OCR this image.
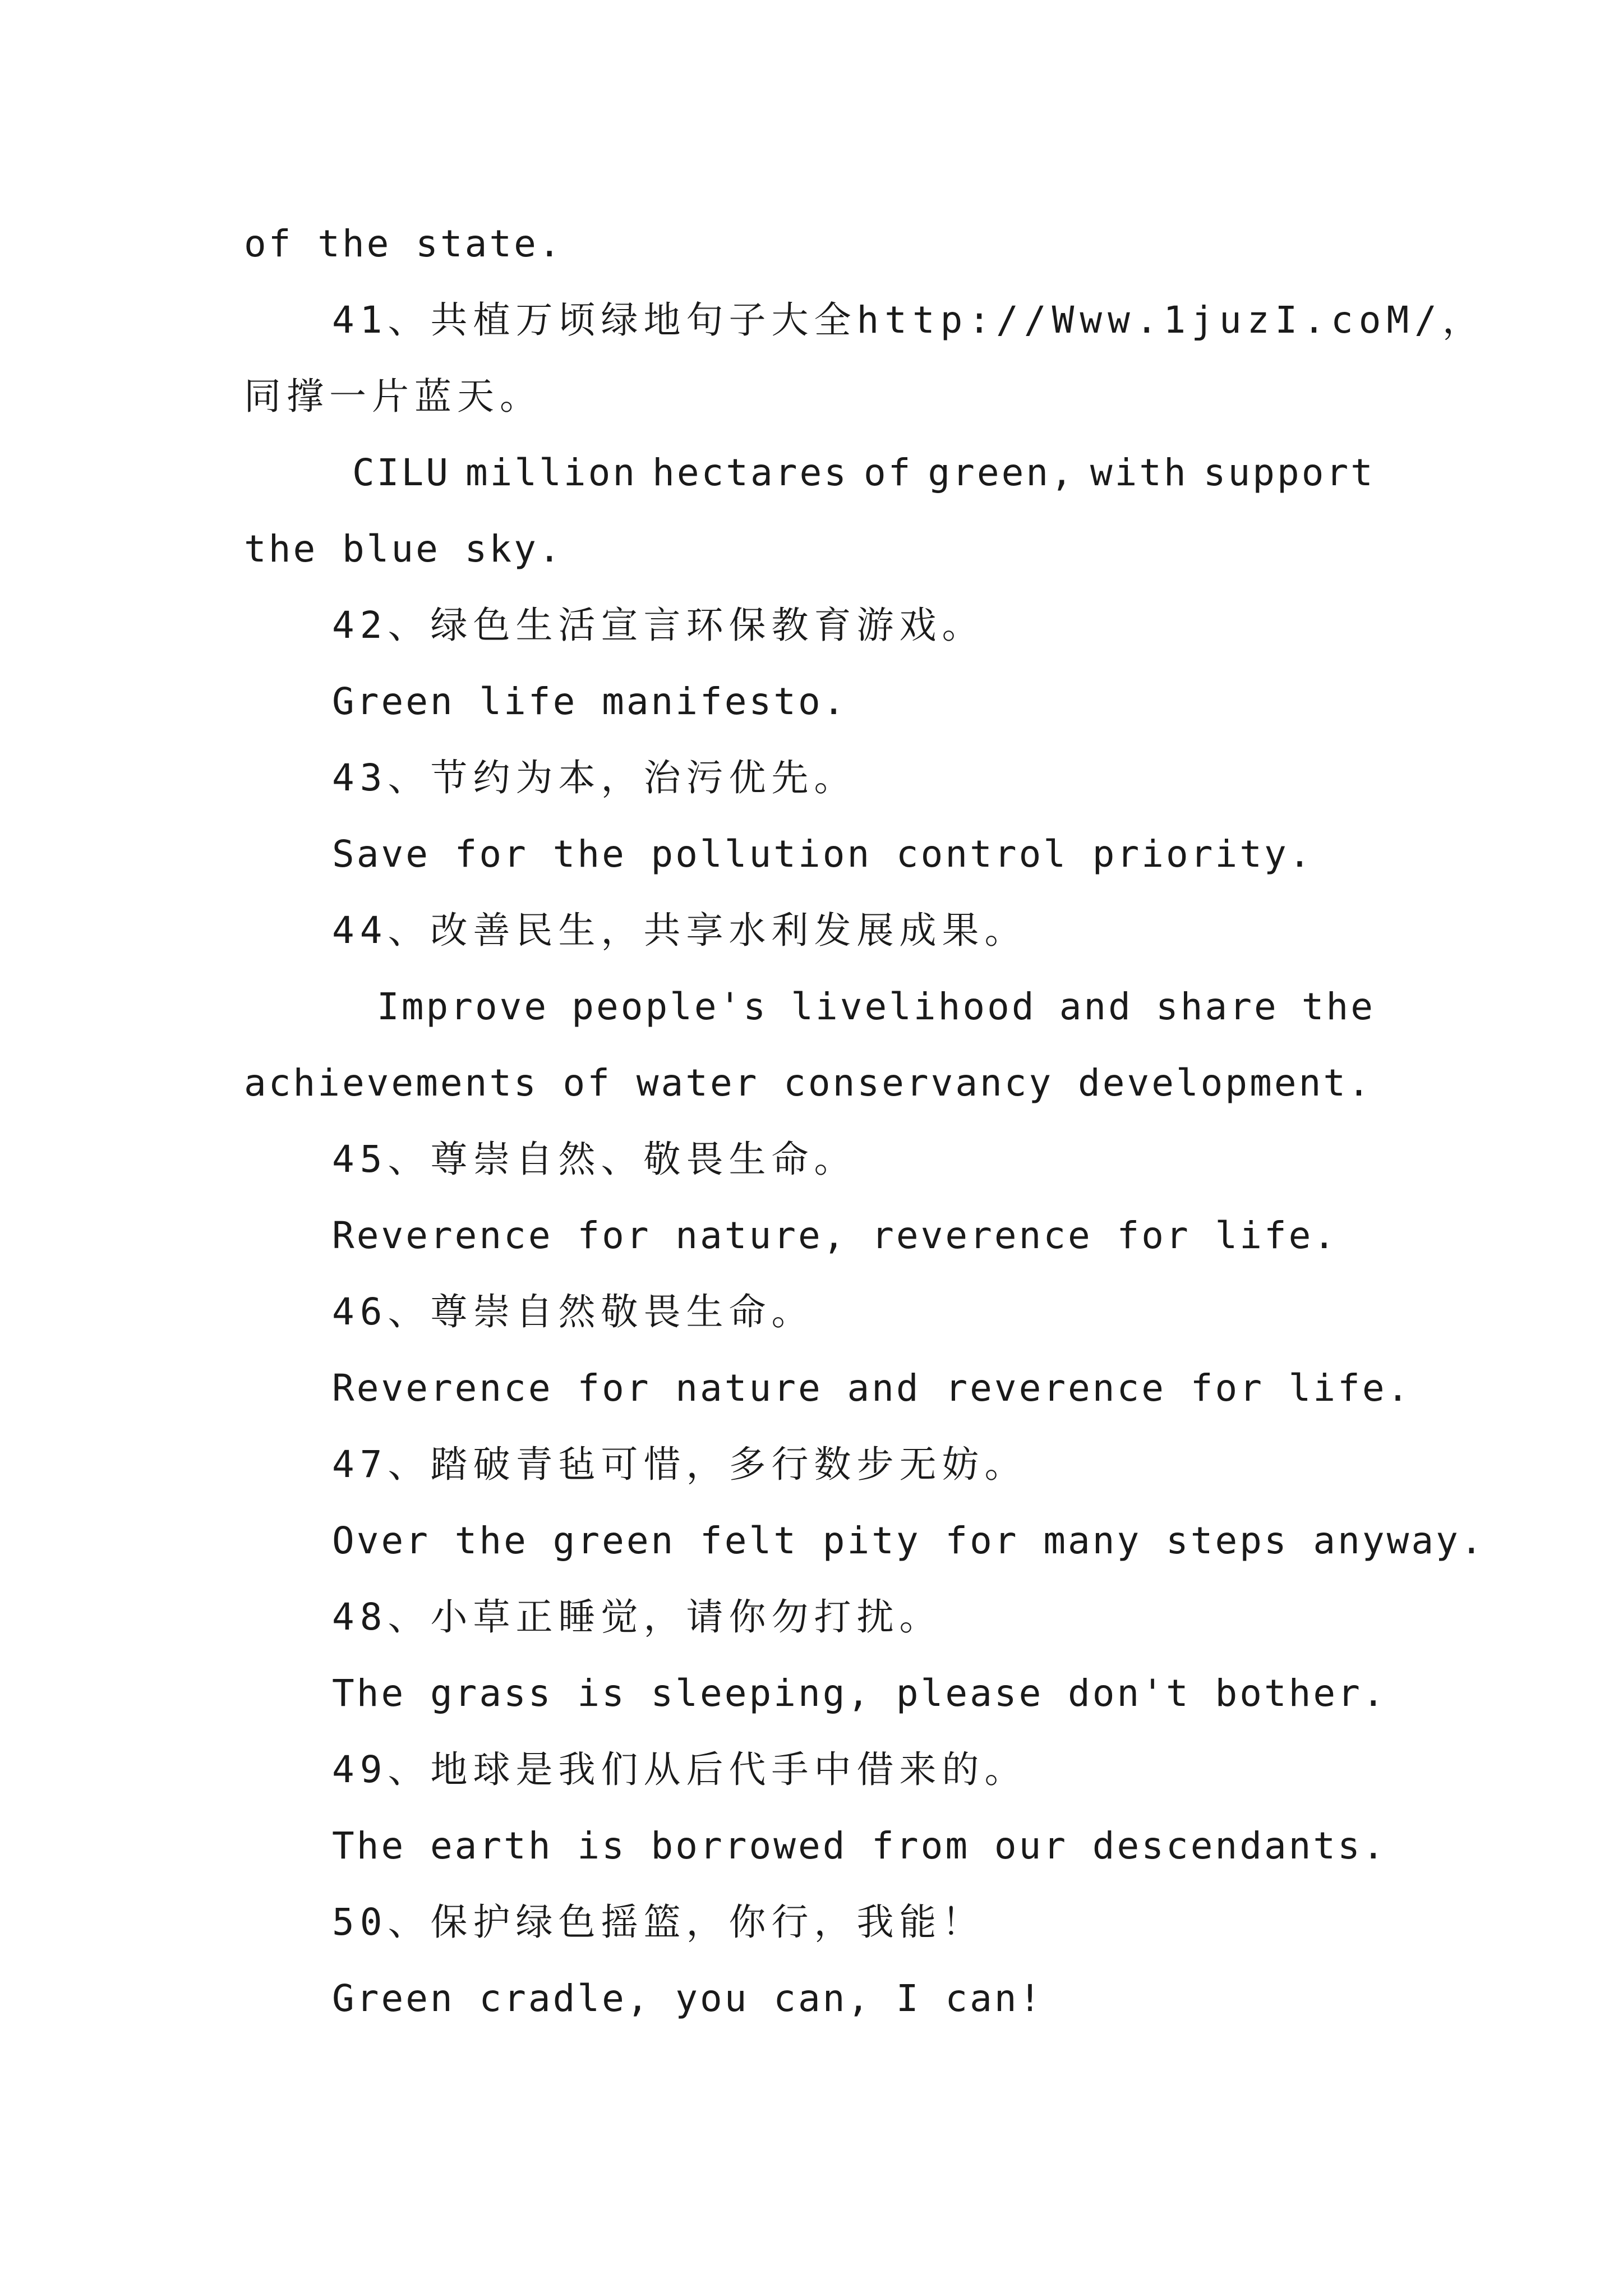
of the state.
41、共植万顷绿地句子大全http://Www.1juzI.coM/，
同撑一片蓝天。
CILU million hectares of green, with support
the blue sky.
42、绿色生活宣言环保教育游戏。
Green life manifesto.
43、节约为本，治污优先。
Save for the pollution control priority.
44、改善民生，共享水利发展成果。
Improve people's livelihood and share the
achievements of water conservancy development.
45、尊崇自然、敬畏生命。
Reverence for nature, reverence for life.
46、尊崇自然敬畏生命。
Reverence for nature and reverence for life.
47、踏破青毡可惜，多行数步无妨。
Over the green felt pity for many steps anyway.
48、小草正睡觉，请你勿打扰。
The grass is sleeping, please don't bother.
49、地球是我们从后代手中借来的。
The earth is borrowed from our descendants.
50、保护绿色摇篮，你行，我能！
Green cradle, you can, I can!
